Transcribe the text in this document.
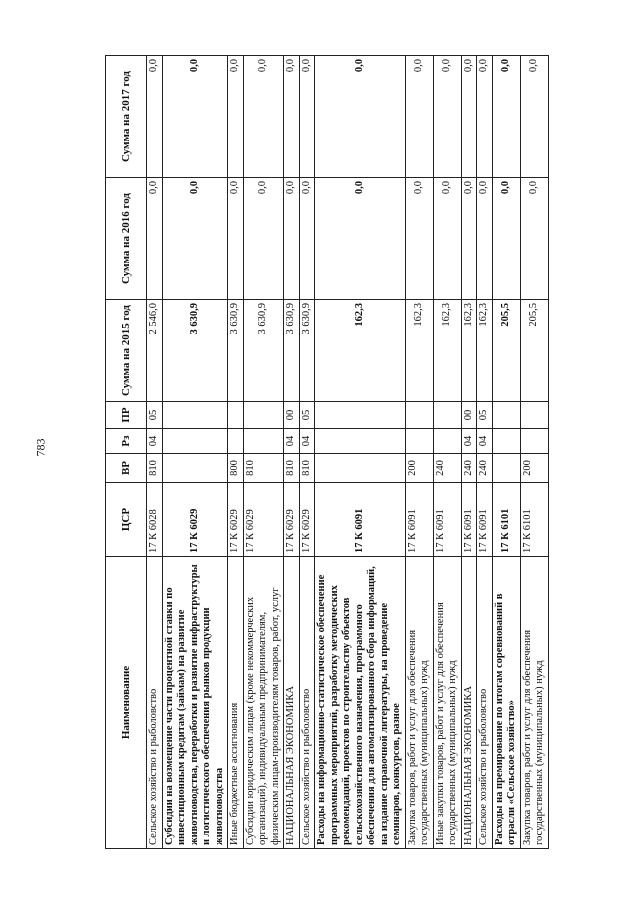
783
Наименование	ЦСР	ВР	Рз	ПР	Сумма на 2015 год	Сумма на 2016 год	Сумма на 2017 год
Сельское хозяйство и рыболовство	17 К 6028	810	04	05	2 546,0	0,0	0,0
Субсидии на возмещение части процентной ставки по инвестиционным кредитам (займам) на развитие животноводства, переработки и развитие инфраструктуры и логистического обеспечения рынков продукции животноводства	17 К 6029				3 630,9	0,0	0,0
Иные бюджетные ассигнования	17 К 6029	800			3 630,9	0,0	0,0
Субсидии юридическим лицам (кроме некоммерческих организаций), индивидуальным предпринимателям, физическим лицам-производителям товаров, работ, услуг	17 К 6029	810			3 630,9	0,0	0,0
НАЦИОНАЛЬНАЯ ЭКОНОМИКА	17 К 6029	810	04	00	3 630,9	0,0	0,0
Сельское хозяйство и рыболовство	17 К 6029	810	04	05	3 630,9	0,0	0,0
Расходы на информационно-статистическое обеспечение программных мероприятий, разработку методических рекомендаций, проектов по строительству объектов сельскохозяйственного назначения, программного обеспечения для автоматизированного сбора информаций, на издание справочной литературы, на проведение семинаров, конкурсов, разное	17 К 6091				162,3	0,0	0,0
Закупка товаров, работ и услуг для обеспечения государственных (муниципальных) нужд	17 К 6091	200			162,3	0,0	0,0
Иные закупки товаров, работ и услуг для обеспечения государственных (муниципальных) нужд	17 К 6091	240			162,3	0,0	0,0
НАЦИОНАЛЬНАЯ ЭКОНОМИКА	17 К 6091	240	04	00	162,3	0,0	0,0
Сельское хозяйство и рыболовство	17 К 6091	240	04	05	162,3	0,0	0,0
Расходы на премирование по итогам соревнований в отрасли «Сельское хозяйство»	17 К 6101				205,5	0,0	0,0
Закупка товаров, работ и услуг для обеспечения государственных (муниципальных) нужд	17 К 6101	200			205,5	0,0	0,0
